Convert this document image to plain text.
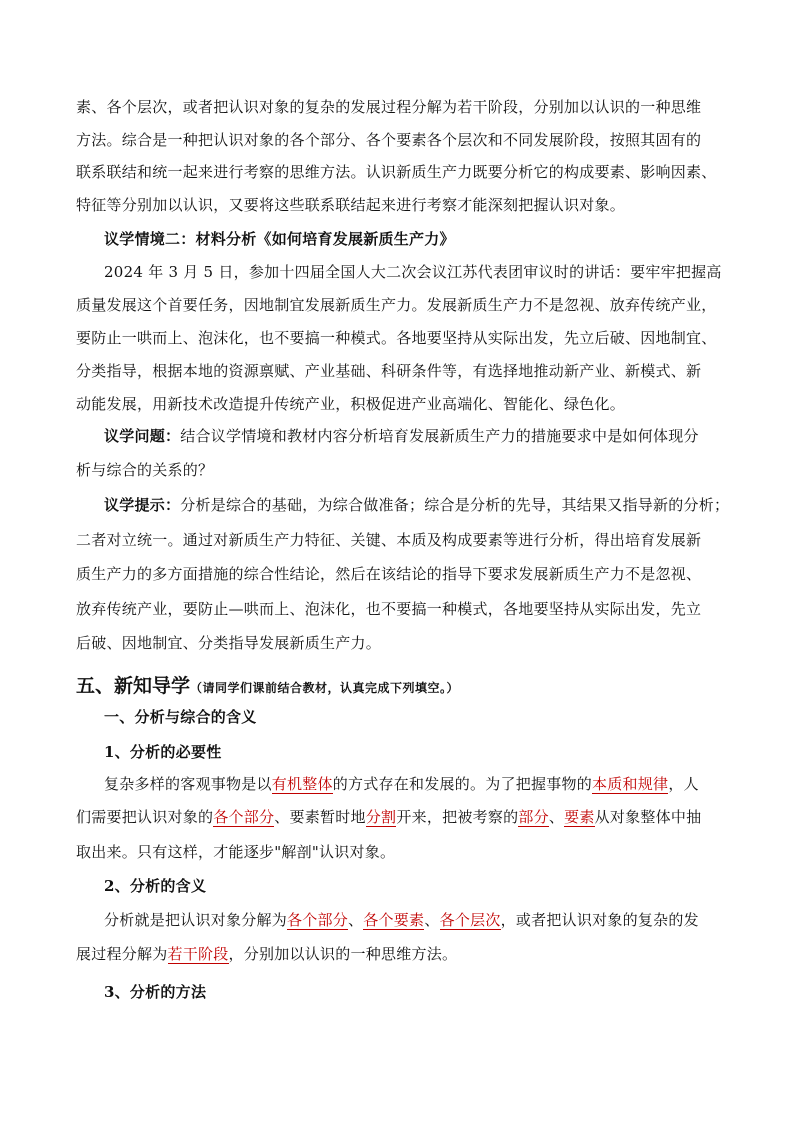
素、各个层次，或者把认识对象的复杂的发展过程分解为若干阶段，分别加以认识的一种思维
方法。综合是一种把认识对象的各个部分、各个要素各个层次和不同发展阶段，按照其固有的
联系联结和统一起来进行考察的思维方法。认识新质生产力既要分析它的构成要素、影响因素、
特征等分别加以认识，又要将这些联系联结起来进行考察才能深刻把握认识对象。
议学情境二：材料分析《如何培育发展新质生产力》
2024 年 3 月 5 日，参加十四届全国人大二次会议江苏代表团审议时的讲话：要牢牢把握高
质量发展这个首要任务，因地制宜发展新质生产力。发展新质生产力不是忽视、放弃传统产业，
要防止一哄而上、泡沫化，也不要搞一种模式。各地要坚持从实际出发，先立后破、因地制宜、
分类指导，根据本地的资源禀赋、产业基础、科研条件等，有选择地推动新产业、新模式、新
动能发展，用新技术改造提升传统产业，积极促进产业高端化、智能化、绿色化。
议学问题：结合议学情境和教材内容分析培育发展新质生产力的措施要求中是如何体现分
析与综合的关系的？
议学提示：分析是综合的基础，为综合做准备；综合是分析的先导，其结果又指导新的分析；
二者对立统一。通过对新质生产力特征、关键、本质及构成要素等进行分析，得出培育发展新
质生产力的多方面措施的综合性结论，然后在该结论的指导下要求发展新质生产力不是忽视、
放弃传统产业，要防止—哄而上、泡沫化，也不要搞一种模式，各地要坚持从实际出发，先立
后破、因地制宜、分类指导发展新质生产力。
五、新知导学（请同学们课前结合教材，认真完成下列填空。）
一、分析与综合的含义
1、分析的必要性
复杂多样的客观事物是以有机整体的方式存在和发展的。为了把握事物的本质和规律，人
们需要把认识对象的各个部分、要素暂时地分割开来，把被考察的部分、要素从对象整体中抽
取出来。只有这样，才能逐步"解剖"认识对象。
2、分析的含义
分析就是把认识对象分解为各个部分、各个要素、各个层次，或者把认识对象的复杂的发
展过程分解为若干阶段，分别加以认识的一种思维方法。
3、分析的方法
